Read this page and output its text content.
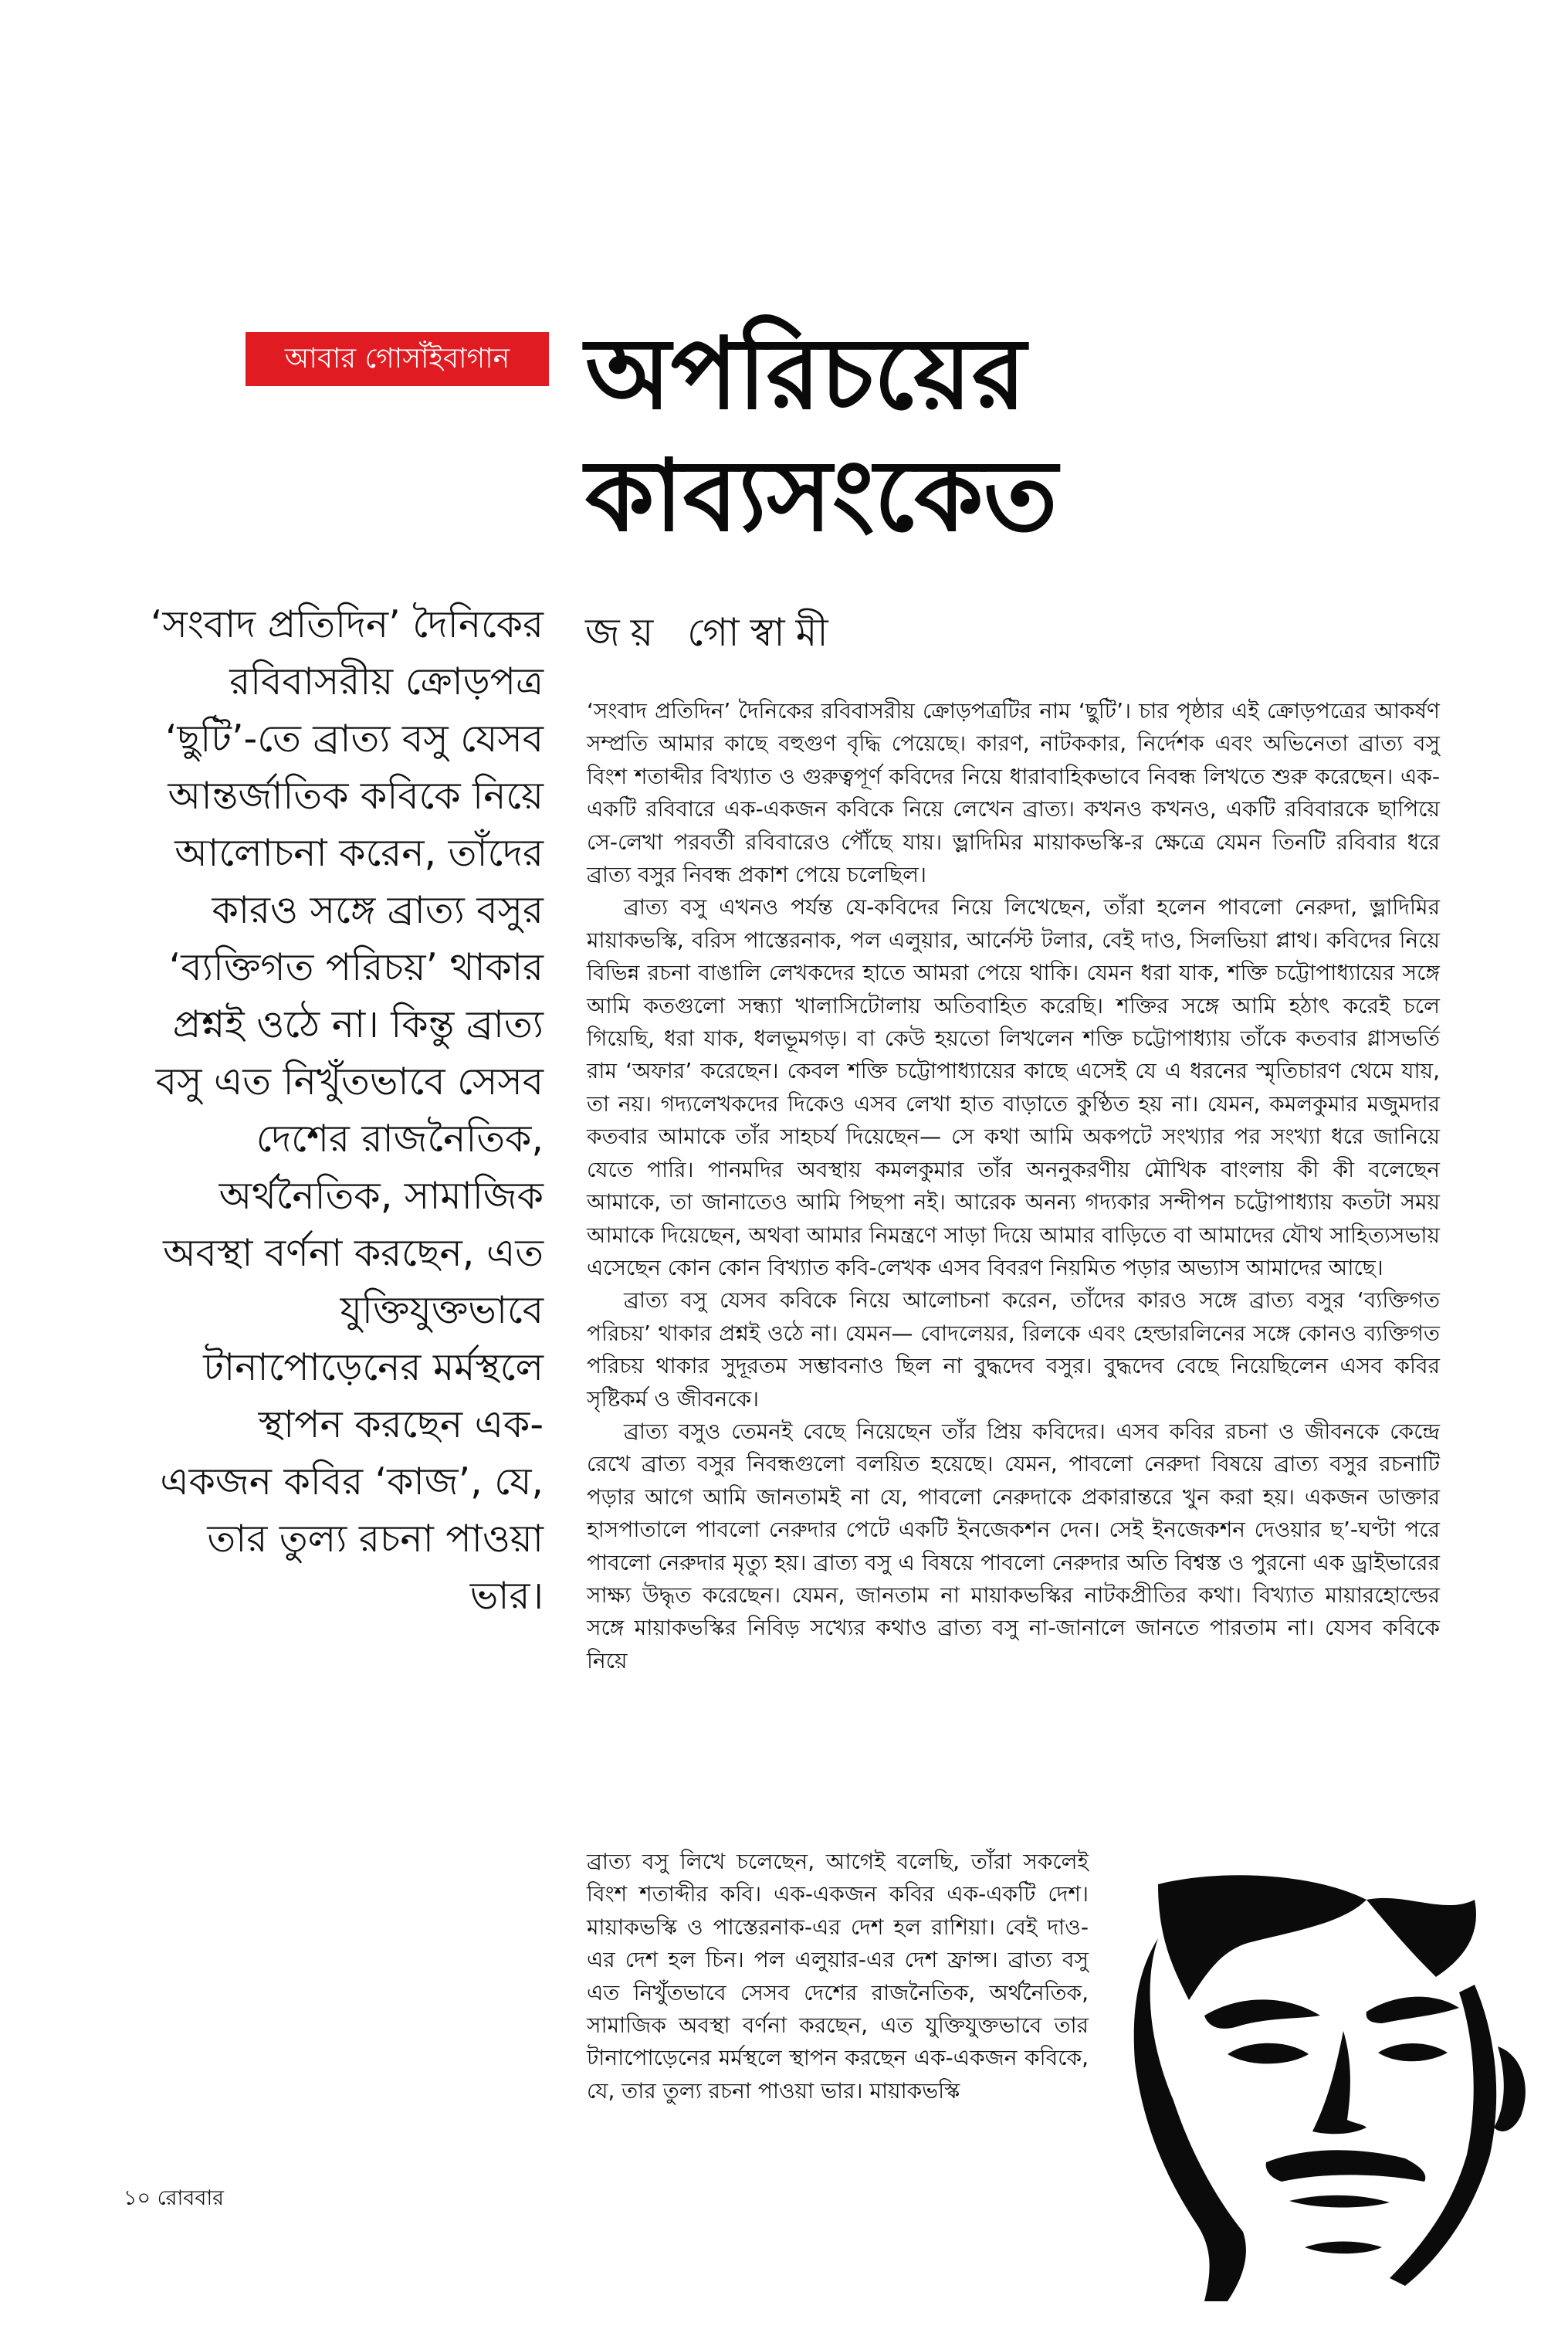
আবার গোসাঁইবাগান অপরিচয়ের
কাব্যসংকেত
জয় গোস্বামী
‘সংবাদ প্রতিদিন’ দৈনিকের রবিবাসরীয় ক্রোড়পত্র ‘ছুটি’-তে ব্রাত্য বসু যেসব আন্তর্জাতিক কবিকে নিয়ে আলোচনা করেন, তাঁদের কারও সঙ্গে ব্রাত্য বসুর ‘ব্যক্তিগত পরিচয়’ থাকার প্রশ্নই ওঠে না। কিন্তু ব্রাত্য বসু এত নিখুঁতভাবে সেসব দেশের রাজনৈতিক, অর্থনৈতিক, সামাজিক অবস্থা বর্ণনা করছেন, এত যুক্তিযুক্তভাবে টানাপোড়েনের মর্মস্থলে স্থাপন করছেন এক-একজন কবির ‘কাজ’, যে, তার তুল্য রচনা পাওয়া ভার।

‘সংবাদ প্রতিদিন’ দৈনিকের রবিবাসরীয় ক্রোড়পত্রটির নাম ‘ছুটি’। চার পৃষ্ঠার এই ক্রোড়পত্রের আকর্ষণ সম্প্রতি আমার কাছে বহুগুণ বৃদ্ধি পেয়েছে। কারণ, নাটককার, নির্দেশক এবং অভিনেতা ব্রাত্য বসু বিংশ শতাব্দীর বিখ্যাত ও গুরুত্বপূর্ণ কবিদের নিয়ে ধারাবাহিকভাবে নিবন্ধ লিখতে শুরু করেছেন। এক-একটি রবিবারে এক-একজন কবিকে নিয়ে লেখেন ব্রাত্য। কখনও কখনও, একটি রবিবারকে ছাপিয়ে সে-লেখা পরবর্তী রবিবারেও পৌঁছে যায়। ভ্লাদিমির মায়াকভস্কি-র ক্ষেত্রে যেমন তিনটি রবিবার ধরে ব্রাত্য বসুর নিবন্ধ প্রকাশ পেয়ে চলেছিল।

ব্রাত্য বসু এখনও পর্যন্ত যে-কবিদের নিয়ে লিখেছেন, তাঁরা হলেন পাবলো নেরুদা, ভ্লাদিমির মায়াকভস্কি, বরিস পাস্তেরনাক, পল এলুয়ার, আর্নেস্ট টলার, বেই দাও, সিলভিয়া প্লাথ। কবিদের নিয়ে বিভিন্ন রচনা বাঙালি লেখকদের হাতে আমরা পেয়ে থাকি। যেমন ধরা যাক, শক্তি চট্টোপাধ্যায়ের সঙ্গে আমি কতগুলো সন্ধ্যা খালাসিটোলায় অতিবাহিত করেছি। শক্তির সঙ্গে আমি হঠাৎ করেই চলে গিয়েছি, ধরা যাক, ধলভূমগড়। বা কেউ হয়তো লিখলেন শক্তি চট্টোপাধ্যায় তাঁকে কতবার গ্লাসভর্তি রাম ‘অফার’ করেছেন। কেবল শক্তি চট্টোপাধ্যায়ের কাছে এসেই যে এ ধরনের স্মৃতিচারণ থেমে যায়, তা নয়। গদ্যলেখকদের দিকেও এসব লেখা হাত বাড়াতে কুণ্ঠিত হয় না। যেমন, কমলকুমার মজুমদার কতবার আমাকে তাঁর সাহচর্য দিয়েছেন— সে কথা আমি অকপটে সংখ্যার পর সংখ্যা ধরে জানিয়ে যেতে পারি। পানমদির অবস্থায় কমলকুমার তাঁর অননুকরণীয় মৌখিক বাংলায় কী কী বলেছেন আমাকে, তা জানাতেও আমি পিছপা নই। আরেক অনন্য গদ্যকার সন্দীপন চট্টোপাধ্যায় কতটা সময় আমাকে দিয়েছেন, অথবা আমার নিমন্ত্রণে সাড়া দিয়ে আমার বাড়িতে বা আমাদের যৌথ সাহিত্যসভায় এসেছেন কোন কোন বিখ্যাত কবি-লেখক এসব বিবরণ নিয়মিত পড়ার অভ্যাস আমাদের আছে।

ব্রাত্য বসু যেসব কবিকে নিয়ে আলোচনা করেন, তাঁদের কারও সঙ্গে ব্রাত্য বসুর ‘ব্যক্তিগত পরিচয়’ থাকার প্রশ্নই ওঠে না। যেমন— বোদলেয়র, রিলকে এবং হেল্ডারলিনের সঙ্গে কোনও ব্যক্তিগত পরিচয় থাকার সুদূরতম সম্ভাবনাও ছিল না বুদ্ধদেব বসুর। বুদ্ধদেব বেছে নিয়েছিলেন এসব কবির সৃষ্টিকর্ম ও জীবনকে।

ব্রাত্য বসুও তেমনই বেছে নিয়েছেন তাঁর প্রিয় কবিদের। এসব কবির রচনা ও জীবনকে কেন্দ্রে রেখে ব্রাত্য বসুর নিবন্ধগুলো বলয়িত হয়েছে। যেমন, পাবলো নেরুদা বিষয়ে ব্রাত্য বসুর রচনাটি পড়ার আগে আমি জানতামই না যে, পাবলো নেরুদাকে প্রকারান্তরে খুন করা হয়। একজন ডাক্তার হাসপাতালে পাবলো নেরুদার পেটে একটি ইনজেকশন দেন। সেই ইনজেকশন দেওয়ার ছ’-ঘণ্টা পরে পাবলো নেরুদার মৃত্যু হয়। ব্রাত্য বসু এ বিষয়ে পাবলো নেরুদার অতি বিশ্বস্ত ও পুরনো এক ড্রাইভারের সাক্ষ্য উদ্ধৃত করেছেন। যেমন, জানতাম না মায়াকভস্কির নাটকপ্রীতির কথা। বিখ্যাত মায়ারহোল্ডের সঙ্গে মায়াকভস্কির নিবিড় সখ্যের কথাও ব্রাত্য বসু না-জানালে জানতে পারতাম না। যেসব কবিকে নিয়ে

ব্রাত্য বসু লিখে চলেছেন, আগেই বলেছি, তাঁরা সকলেই বিংশ শতাব্দীর কবি। এক-একজন কবির এক-একটি দেশ। মায়াকভস্কি ও পাস্তেরনাক-এর দেশ হল রাশিয়া। বেই দাও-এর দেশ হল চিন। পল এলুয়ার-এর দেশ ফ্রান্স। ব্রাত্য বসু এত নিখুঁতভাবে সেসব দেশের রাজনৈতিক, অর্থনৈতিক, সামাজিক অবস্থা বর্ণনা করছেন, এত যুক্তিযুক্তভাবে তার টানাপোড়েনের মর্মস্থলে স্থাপন করছেন এক-একজন কবিকে, যে, তার তুল্য রচনা পাওয়া ভার। মায়াকভস্কি
১০ রোববার
